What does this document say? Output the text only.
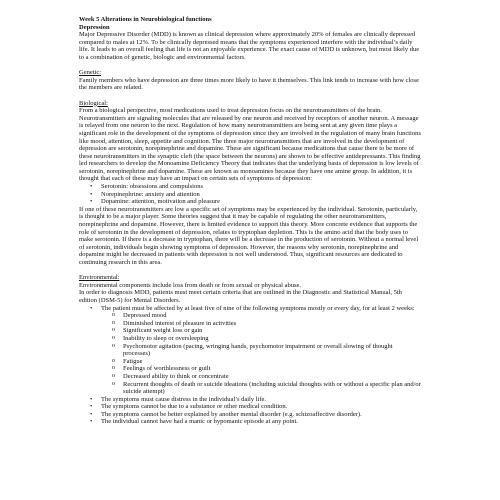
Week 5 Alterations in Neurobiological functions

Depression

Major Depressive Disorder (MDD) is known as clinical depression where approximately 20% of females are clinically depressed compared to males at 12%. To be clinically depressed means that the symptoms experienced interfere with the individual’s daily life. It leads to an overall feeling that life is not an enjoyable experience. The exact cause of MDD is unknown, but most likely due to a combination of genetic, biologic and environmental factors.

Genetic:

Family members who have depression are three times more likely to have it themselves. This link tends to increase with how close the members are related.

Biological:

From a biological perspective, most medications used to treat depression focus on the neurotransmitters of the brain. Neurotransmitters are signaling molecules that are released by one neuron and received by receptors of another neuron. A message is relayed from one neuron to the next. Regulation of how many neurotransmitters are being sent at any given time plays a significant role in the development of the symptoms of depression since they are involved in the regulation of many brain functions like mood, attention, sleep, appetite and cognition. The three major neurotransmitters that are involved in the development of depression are serotonin, norepinephrine and dopamine. These are significant because medications that cause there to be more of these neurotransmitters in the synaptic cleft (the space between the neurons) are shown to be effective antidepressants. This finding led researchers to develop the Monoamine Deficiency Theory that indicates that the underlying basis of depression is low levels of serotonin, norepinephrine and dopamine. These are known as monoamines because they have one amine group. In addition, it is thought that each of these may have an impact on certain sets of symptoms of depression:

• Serotonin: obsessions and compulsions
• Norepinephrine: anxiety and attention
• Dopamine: attention, motivation and pleasure

If one of these neurotransmitters are low a specific set of symptoms may be experienced by the individual. Serotonin, particularly, is thought to be a major player. Some theories suggest that it may be capable of regulating the other neurotransmitters, norepinephrine and dopamine. However, there is limited evidence to support this theory. More concrete evidence that supports the role of serotonin in the development of depression, relates to tryptophan depletion. This is the amino acid that the body uses to make serotonin. If there is a decrease in tryptophan, there will be a decrease in the production of serotonin. Without a normal level of serotonin, individuals begin showing symptoms of depression. However, the reasons why serotonin, norepinephrine and dopamine might be decreased in patients with depression is not well understood. Thus, significant resources are dedicated to continuing research in this area.

Environmental:

Environmental components include loss from death or from sexual or physical abuse.

In order to diagnosis MDD, patients must meet certain criteria that are outlined in the Diagnostic and Statistical Manual, 5th edition (DSM-5) for Mental Disorders.

• The patient must be affected by at least five of nine of the following symptoms mostly or every day, for at least 2 weeks:
o Depressed mood
o Diminished interest of pleasure in activities
o Significant weight loss or gain
o Inability to sleep or oversleeping
o Psychomotor agitation (pacing, wringing hands, psychomotor impairment or overall slowing of thought processes)
o Fatigue
o Feelings of worthlessness or guilt
o Decreased ability to think or concentrate
o Recurrent thoughts of death or suicide ideations (including suicidal thoughts with or without a specific plan and/or suicide attempt)
• The symptoms must cause distress in the individual’s daily life.
• The symptoms cannot be due to a substance or other medical condition.
• The symptoms cannot be better explained by another mental disorder (e.g. schizoaffective disorder).
• The individual cannot have had a manic or hypomanic episode at any point.
